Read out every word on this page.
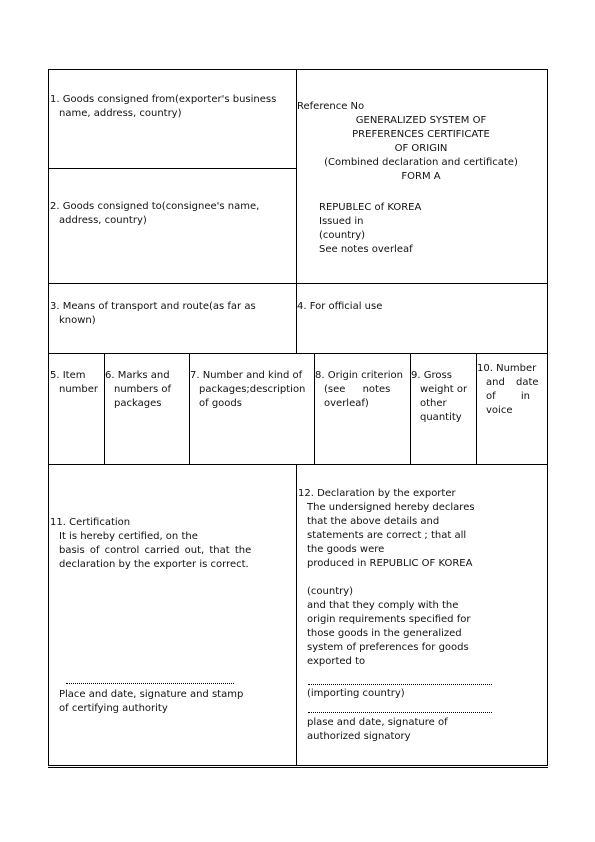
1. Goods consigned from(exporter's business
name, address, country)
Reference No
GENERALIZED SYSTEM OF
PREFERENCES CERTIFICATE
OF ORIGIN
(Combined declaration and certificate)
FORM A
REPUBLEC of KOREA
Issued in
(country)
See notes overleaf
2. Goods consigned to(consignee's name,
address, country)
3. Means of transport and route(as far as
known)
4. For official use
5. Item
number
6. Marks and
numbers of
packages
7. Number and kind of
packages;description
of goods
8. Origin criterion
(see notes
overleaf)
9. Gross
weight or
other
quantity
10. Number
and date
of in
voice
11. Certification
It is hereby certified, on the
basis of control carried out, that the
declaration by the exporter is correct.
Place and date, signature and stamp
of certifying authority
12. Declaration by the exporter
The undersigned hereby declares
that the above details and
statements are correct ; that all
the goods were
produced in REPUBLIC OF KOREA
(country)
and that they comply with the
origin requirements specified for
those goods in the generalized
system of preferences for goods
exported to
(importing country)
plase and date, signature of
authorized signatory
